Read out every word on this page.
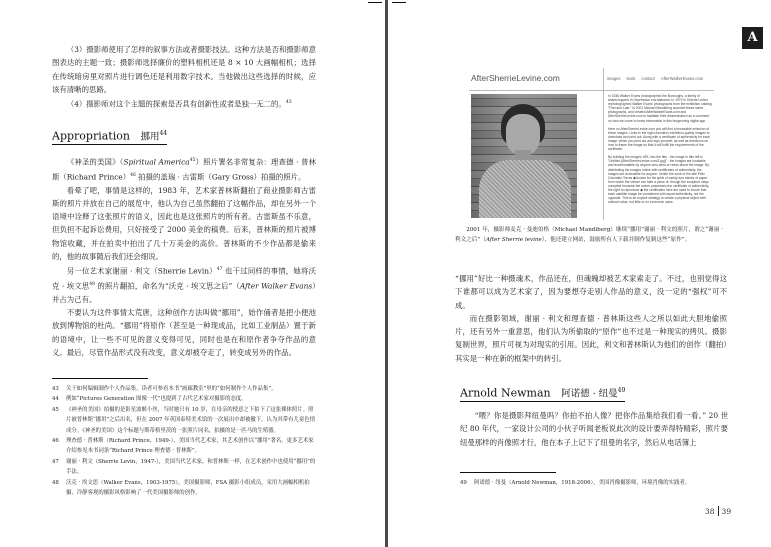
（3）摄影师使用了怎样的叙事方法或者摄影技法。这种方法是否和摄影师意图表达的主题一致；摄影师选择廉价的塑料相机还是 8 × 10 大画幅相机；选择在传统暗房里对照片进行调色还是利用数字技术。当他做出这些选择的时候，应该有清晰的思路。

（4）摄影师对这个主题的探索是否具有创新性或者是独一无二的。$^{43}$

Appropriation 挪用$^{44}$

《神圣的美国》（Spiritual America$^{45}$）照片署名非常复杂：理查德 · 普林斯（Richard Prince）$^{46}$ 拍摄的盖瑞 · 古雷斯（Gary Gross）拍摄的照片。

看晕了吧，事情是这样的，1983 年，艺术家普林斯翻拍了商业摄影师古雷斯的照片并放在自己的展览中，他认为自己虽然翻拍了这幅作品，却在另外一个语境中诠释了这张照片的语义，因此也是这张照片的所有者。古雷斯虽不乐意，但负担不起诉讼费用，只好接受了 2000 美金的稿费。后来，普林斯的照片被博物馆收藏，并在拍卖中拍出了几十万美金的高价。普林斯的不少作品都是偷来的，他的故事随后我们还会细说。

另一位艺术家谢丽 · 利文（Sherrie Levin）$^{47}$ 也干过同样的事情，她将沃克 · 埃文思$^{48}$ 的照片翻拍，命名为“沃克 · 埃文思之后”（After Walker Evans）并占为己有。

不要认为这件事情太荒唐，这种创作方法叫做“挪用”，始作俑者是把小便池放到博物馆的杜尚。“挪用”将原作（甚至是一种现成品，比如工业制品）置于新的语境中，让一些不可见的意义变得可见，同时也是在和原作者争夺作品的意义。最后，尽管作品形式没有改变，意义却被夺走了，转变成另外的作品。

43	关于如何编辑制作个人作品集，读者可参看本书“画廊教室”里的“如何制作个人作品集”。
44	例如“Pictures Generation 图像一代”也提到了古代艺术家对摄影的态度。
45	《神圣的美国》拍摄的是影星波姬小丝，当时她只有 10 岁，在母亲的授意之下拍下了这张裸体照片。照片被普林斯“挪用”之后出名，但在 2007 年英国泰特美术馆的一次展出中却被撤下，认为其带有儿童色情成分。《神圣的美国》这个标题与斯蒂格里茨的一张照片同名，拍摄的是一匹马的生殖器。
46	理查德 · 普林斯（Richard Prince，1949-），美国当代艺术家，其艺术创作以“挪用”著名。更多艺术家介绍参见本书词条“Richard Prince 理查德 · 普林斯”。
47	谢丽 · 利文（Sherrie Levin，1947-），美国当代艺术家，和普林斯一样，在艺术创作中也使用“挪用”的手法。
48	沃克 · 埃文思（Walker Evans，1903-1975），美国摄影师，FSA 摄影小组成员，采用大画幅相机拍摄，冷静客观的摄影风格影响了一代美国摄影师的创作。
A
AfterSherrieLevine.com	images texts contact AfterWalkerEvans.com

In 1936 Walker Evans photographed the Burroughs, a family of sharecroppers in Depression era Alabama. In 1979 in Sherrie Levine rephotographed Walker Evans' photographs from the exhibition catalog "First and Last." In 2001 Michael Mandiberg scanned these same photographs, and created AfterWalkerEvans.com and AfterSherrieLevine.com to facilitate their dissemination as a comment on how we come to know information in this burgeoning digital age.

Here on AfterSherrieLevine.com you will find a browsable selection of these images. Links to the high-resolution exhibition-quality images to download and print out. Along with a certificate of authenticity for each image, which you print out and sign yourself, as well as directions on how to frame the image so that it will fulfill the requirements of the certificate.

By building the image's URL into the title - the image to title left is "Untitled [AfterSherrieLevine.com/2.jpg]" - the images are locatable and downloadable by anyone who sees or reads about the image. By distributing the images online with certificates of authenticity, the images are accessible for anyone. Unlike the work of the late Felix Gonzalez-Torres ◆ known for his spills of candy and stacks of paper from which the viewer can take a piece of, though the sculpture stays complete because the owner possesses the certificate of authenticity, the right to reproduce ◆ the certificates here are used to insure that each satellite image be considered with equal authenticity, not the opposite. This is an explicit strategy to create a physical object with cultural value, but little or no economic value.

2001 年，摄影师麦克 · 曼迪伯格（Michael Mandiberg）继续“挪用”谢丽 · 利文的照片，谓之“谢丽 · 利文之后”（After Sherrie levine），他还建立网站，鼓励所有人下载并制作复制这些“原作”。

“挪用”好比一种摄魂术，作品还在，但魂魄却被艺术家索走了。不过，也别觉得这下谁都可以成为艺术家了，因为要想夺走别人作品的意义，没一定的“强权”可不成。

而在摄影领域，谢丽 · 利文和理查德 · 普林斯这些人之所以如此大胆地偷照片，还有另外一重意思，他们认为所偷取的“原作”也不过是一种现实的拷贝。摄影复制世界，照片可视为对现实的引用。因此，利文和普林斯认为他们的创作（翻拍）其实是一种在新的框架中的转引。

Arnold Newman 阿诺德 · 纽曼$^{49}$

“喂？你是摄影拜纽曼吗？你拍不拍人像？把你作品集给我们看一看。” 20 世纪 80 年代，一家设计公司的小伙子听闻老板说此次的设计要弄得特精彩，照片要纽曼那样的肖像照才行，他在本子上记下了纽曼的名字，然后从电话簿上

49	阿诺德 · 纽曼（Arnold Newman，1918-2006），美国肖像摄影师，环境肖像的实践者。
38 39
